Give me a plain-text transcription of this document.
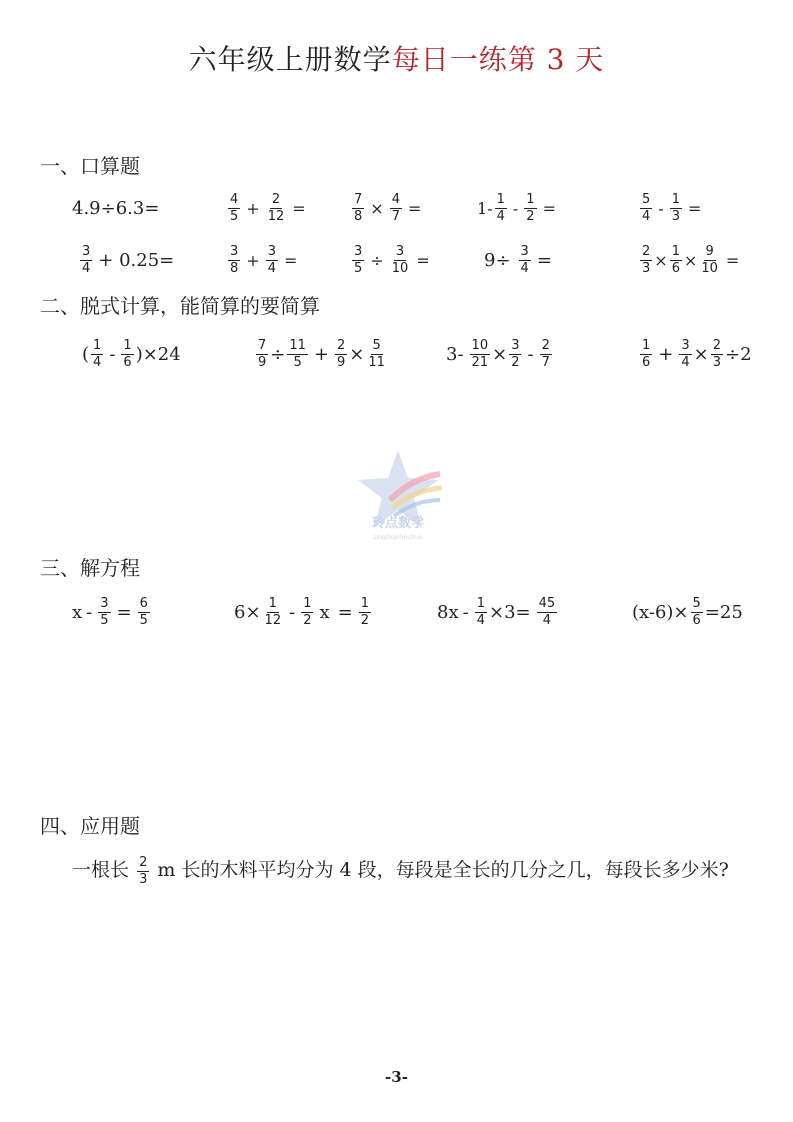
六年级上册数学每日一练第 3 天
一、口算题
4.9÷6.3=	$\frac{4}{5} + \frac{2}{12}$ =	$\frac{7}{8} \times \frac{4}{7}$ =	$1- \frac{1}{4} - \frac{1}{2}$ =	$\frac{5}{4} - \frac{1}{3}$ =
$\frac{3}{4} + 0.25=$	$\frac{3}{8} + \frac{3}{4}$ =	$\frac{3}{5} \div \frac{3}{10}$ =	$9\div \frac{3}{4}$ =	$\frac{2}{3} \times \frac{1}{6} \times \frac{9}{10}$ =
二、脱式计算，能简算的要简算
( $\frac{1}{4} - \frac{1}{6} )\times 24$	$\frac{7}{9} \div \frac{11}{5} + \frac{2}{9} \times \frac{5}{11}$	$3- \frac{10}{21} \times \frac{3}{2} - \frac{2}{7}$	$\frac{1}{6} + \frac{3}{4} \times \frac{2}{3} \div 2$
玲点数学
LingDianShuXue
三、解方程
$x - \frac{3}{5} = \frac{6}{5}$	$6\times \frac{1}{12} - \frac{1}{2}$ $x = \frac{1}{2}$	$8x - \frac{1}{4} \times 3= \frac{45}{4}$	$(x-6)\times \frac{5}{6} =25$
四、应用题
一根长 $\frac{2}{3}$ m 长的木料平均分为 4 段，每段是全长的几分之几，每段长多少米?
-3-
